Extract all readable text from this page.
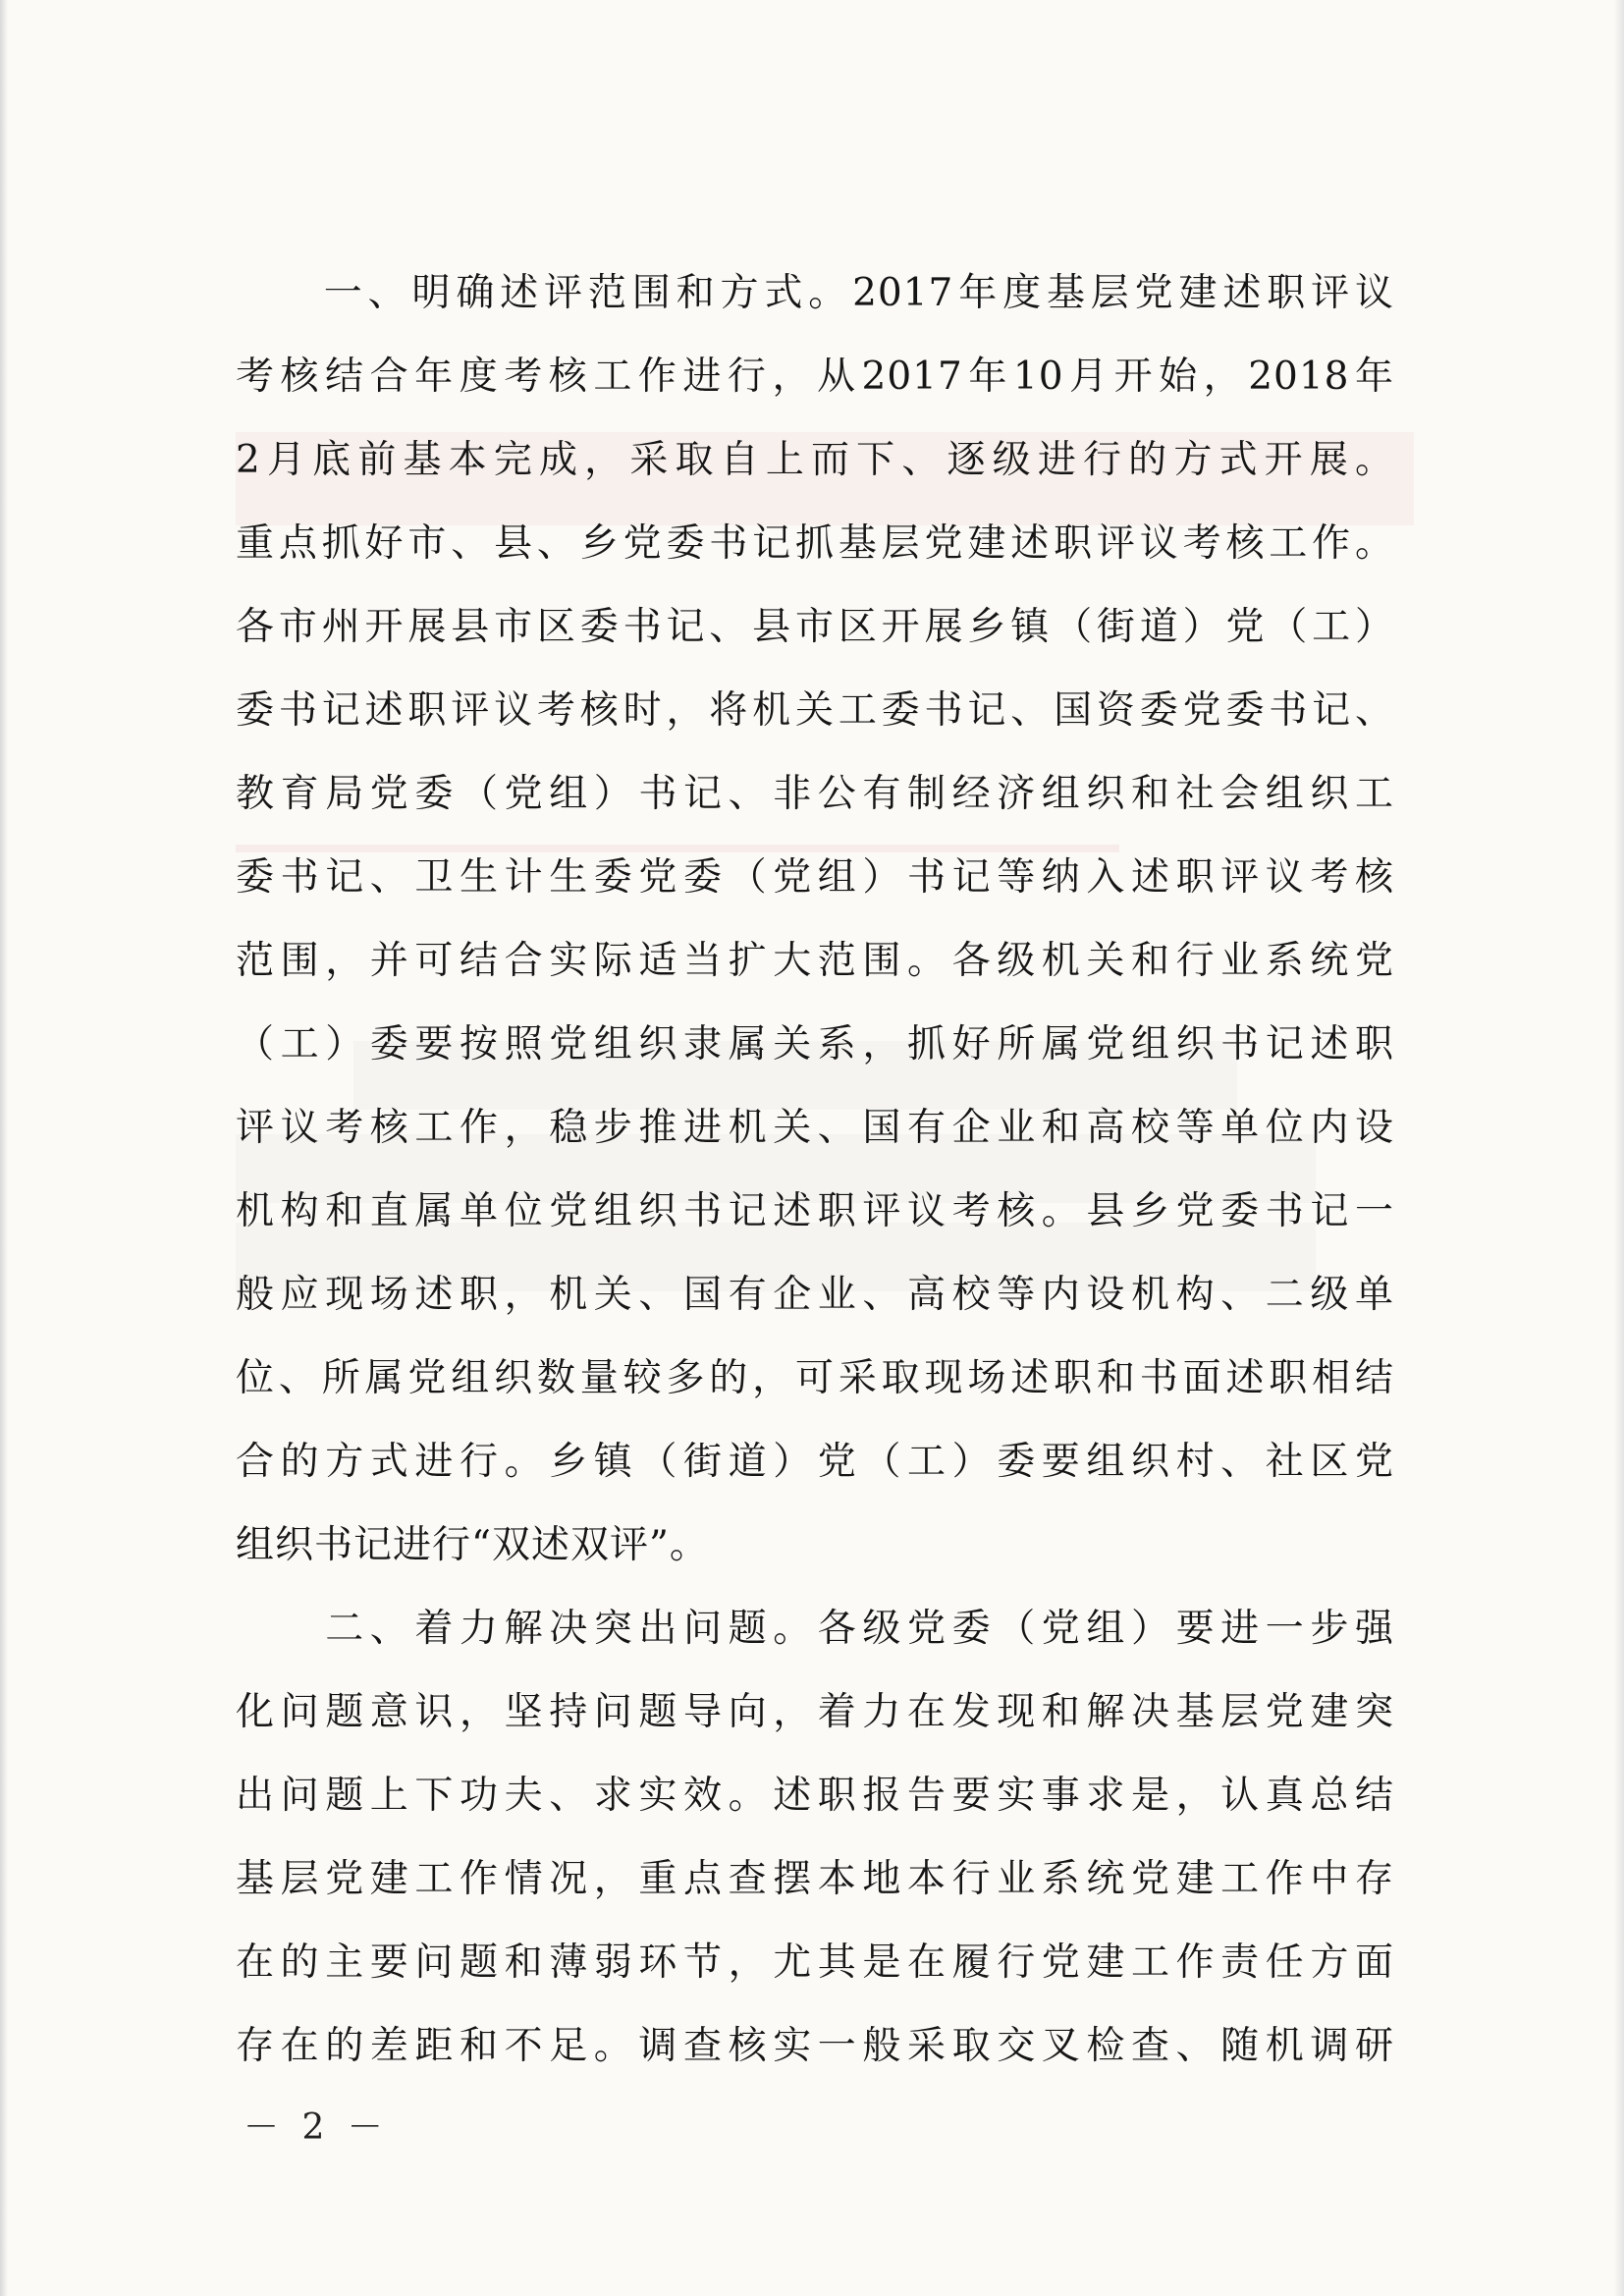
　　一、明确述评范围和方式。2017年度基层党建述职评议
考核结合年度考核工作进行，从2017年10月开始，2018年
2月底前基本完成，采取自上而下、逐级进行的方式开展。
重点抓好市、县、乡党委书记抓基层党建述职评议考核工作。
各市州开展县市区委书记、县市区开展乡镇（街道）党（工）
委书记述职评议考核时，将机关工委书记、国资委党委书记、
教育局党委（党组）书记、非公有制经济组织和社会组织工
委书记、卫生计生委党委（党组）书记等纳入述职评议考核
范围，并可结合实际适当扩大范围。各级机关和行业系统党
（工）委要按照党组织隶属关系，抓好所属党组织书记述职
评议考核工作，稳步推进机关、国有企业和高校等单位内设
机构和直属单位党组织书记述职评议考核。县乡党委书记一
般应现场述职，机关、国有企业、高校等内设机构、二级单
位、所属党组织数量较多的，可采取现场述职和书面述职相结
合的方式进行。乡镇（街道）党（工）委要组织村、社区党
组织书记进行“双述双评”。
　　二、着力解决突出问题。各级党委（党组）要进一步强
化问题意识，坚持问题导向，着力在发现和解决基层党建突
出问题上下功夫、求实效。述职报告要实事求是，认真总结
基层党建工作情况，重点查摆本地本行业系统党建工作中存
在的主要问题和薄弱环节，尤其是在履行党建工作责任方面
存在的差距和不足。调查核实一般采取交叉检查、随机调研
－ 2 －
